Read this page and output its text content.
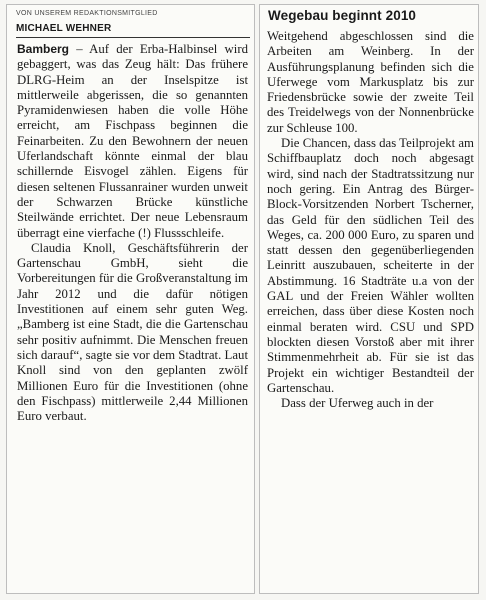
VON UNSEREM REDAKTIONSMITGLIED
MICHAEL WEHNER

Bamberg – Auf der Erba-Halbinsel wird gebaggert, was das Zeug hält: Das frühere DLRG-Heim an der Inselspitze ist mittlerweile abgerissen, die so genannten Pyramidenwiesen haben die volle Höhe erreicht, am Fischpass beginnen die Feinarbeiten. Zu den Bewohnern der neuen Uferlandschaft könnte einmal der blau schillernde Eisvogel zählen. Eigens für diesen seltenen Flussanrainer wurden unweit der Schwarzen Brücke künstliche Steilwände errichtet. Der neue Lebensraum überragt eine vierfache (!) Flussschleife.

Claudia Knoll, Geschäftsführerin der Gartenschau GmbH, sieht die Vorbereitungen für die Großveranstaltung im Jahr 2012 und die dafür nötigen Investitionen auf einem sehr guten Weg. „Bamberg ist eine Stadt, die die Gartenschau sehr positiv aufnimmt. Die Menschen freuen sich darauf“, sagte sie vor dem Stadtrat. Laut Knoll sind von den geplanten zwölf Millionen Euro für die Investitionen (ohne den Fischpass) mittlerweile 2,44 Millionen Euro verbaut.

Wegebau beginnt 2010

Weitgehend abgeschlossen sind die Arbeiten am Weinberg. In der Ausführungsplanung befinden sich die Uferwege vom Markusplatz bis zur Friedensbrücke sowie der zweite Teil des Treidelwegs von der Nonnenbrücke zur Schleuse 100.

Die Chancen, dass das Teilprojekt am Schiffbauplatz doch noch abgesagt wird, sind nach der Stadtratssitzung nur noch gering. Ein Antrag des Bürger-Block-Vorsitzenden Norbert Tscherner, das Geld für den südlichen Teil des Weges, ca. 200 000 Euro, zu sparen und statt dessen den gegenüberliegenden Leinritt auszubauen, scheiterte in der Abstimmung. 16 Stadträte u.a von der GAL und der Freien Wähler wollten erreichen, dass über diese Kosten noch einmal beraten wird. CSU und SPD blockten diesen Vorstoß aber mit ihrer Stimmenmehrheit ab. Für sie ist das Projekt ein wichtiger Bestandteil der Gartenschau.

Dass der Uferweg auch in der
